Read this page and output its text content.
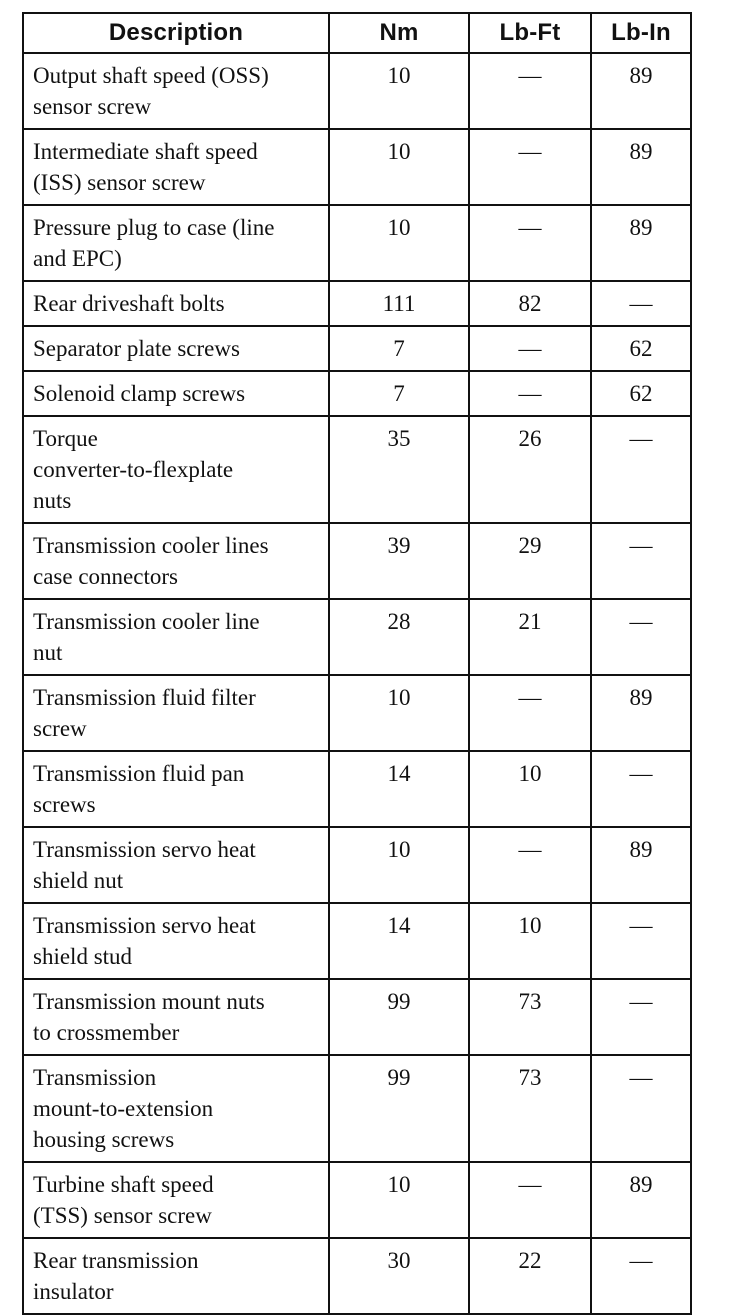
Description	Nm	Lb-Ft	Lb-In

Output shaft speed (OSS)
sensor screw	10	—	89

Intermediate shaft speed
(ISS) sensor screw	10	—	89

Pressure plug to case (line
and EPC)	10	—	89

Rear driveshaft bolts	111	82	—

Separator plate screws	7	—	62

Solenoid clamp screws	7	—	62

Torque
converter-to-flexplate
nuts	35	26	—

Transmission cooler lines
case connectors	39	29	—

Transmission cooler line
nut	28	21	—

Transmission fluid filter
screw	10	—	89

Transmission fluid pan
screws	14	10	—

Transmission servo heat
shield nut	10	—	89

Transmission servo heat
shield stud	14	10	—

Transmission mount nuts
to crossmember	99	73	—

Transmission
mount-to-extension
housing screws	99	73	—

Turbine shaft speed
(TSS) sensor screw	10	—	89

Rear transmission
insulator	30	22	—
